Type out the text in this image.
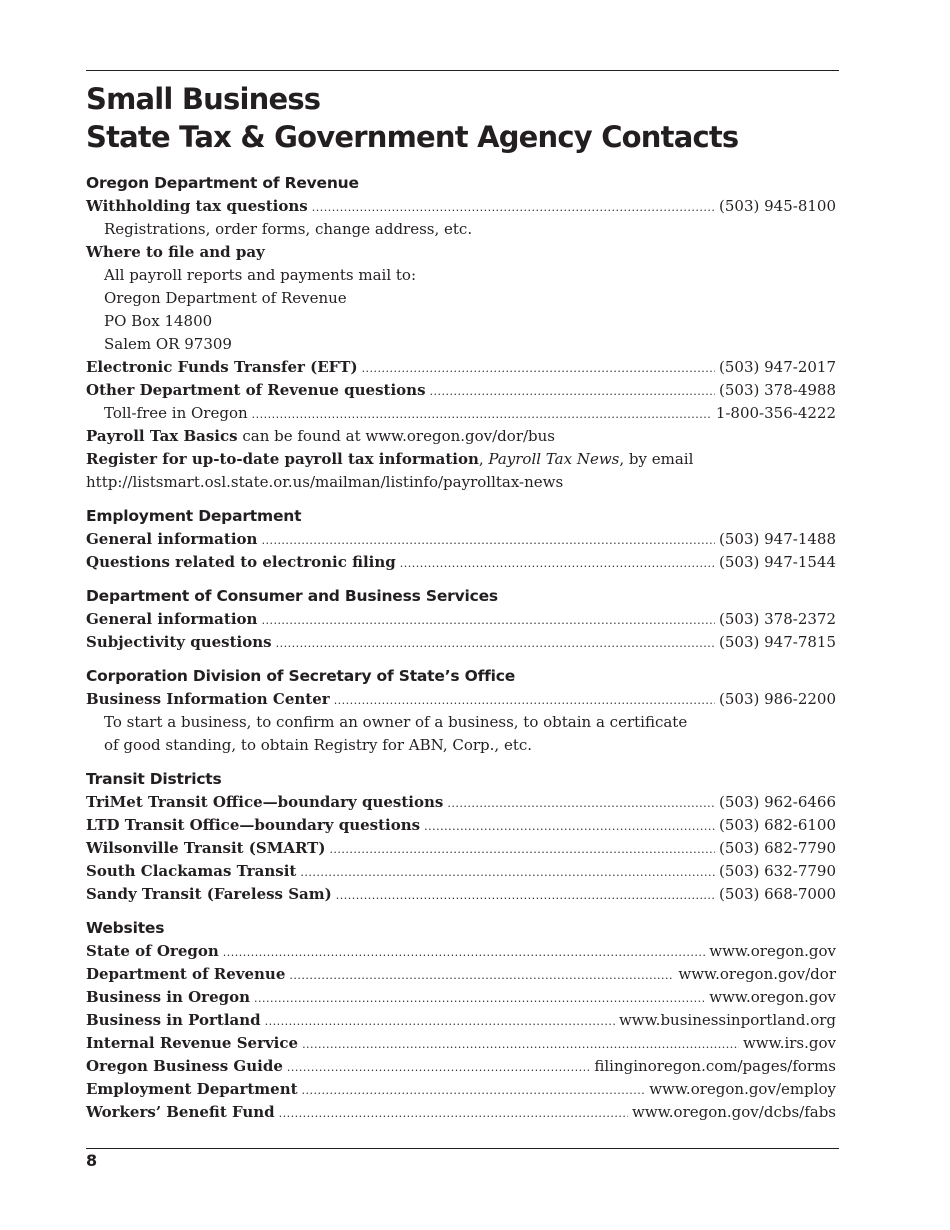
Small Business
State Tax & Government Agency Contacts
Oregon Department of Revenue
Withholding tax questions .....	(503) 945-8100
Registrations, order forms, change address, etc.
Where to file and pay
All payroll reports and payments mail to:
Oregon Department of Revenue
PO Box 14800
Salem OR 97309
Electronic Funds Transfer (EFT) .....	(503) 947-2017
Other Department of Revenue questions .....	(503) 378-4988
Toll-free in Oregon .....	1-800-356-4222
Payroll Tax Basics can be found at www.oregon.gov/dor/bus
Register for up-to-date payroll tax information, Payroll Tax News, by email
http://listsmart.osl.state.or.us/mailman/listinfo/payrolltax-news
Employment Department
General information .....	(503) 947-1488
Questions related to electronic filing .....	(503) 947-1544
Department of Consumer and Business Services
General information .....	(503) 378-2372
Subjectivity questions .....	(503) 947-7815
Corporation Division of Secretary of State’s Office
Business Information Center .....	(503) 986-2200
To start a business, to confirm an owner of a business, to obtain a certificate
of good standing, to obtain Registry for ABN, Corp., etc.
Transit Districts
TriMet Transit Office—boundary questions .....	(503) 962-6466
LTD Transit Office—boundary questions .....	(503) 682-6100
Wilsonville Transit (SMART) .....	(503) 682-7790
South Clackamas Transit .....	(503) 632-7790
Sandy Transit (Fareless Sam) .....	(503) 668-7000
Websites
State of Oregon .....	www.oregon.gov
Department of Revenue .....	www.oregon.gov/dor
Business in Oregon .....	www.oregon.gov
Business in Portland .....	www.businessinportland.org
Internal Revenue Service .....	www.irs.gov
Oregon Business Guide .....	filinginoregon.com/pages/forms
Employment Department .....	www.oregon.gov/employ
Workers’ Benefit Fund .....	www.oregon.gov/dcbs/fabs
8
